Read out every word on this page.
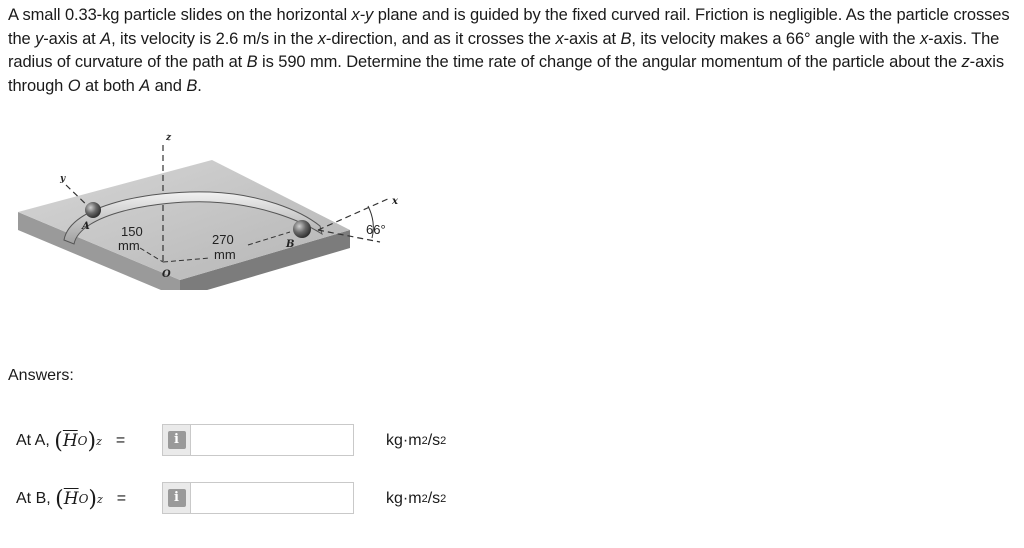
A small 0.33-kg particle slides on the horizontal x-y plane and is guided by the fixed curved rail. Friction is negligible. As the particle crosses the y-axis at A, its velocity is 2.6 m/s in the x-direction, and as it crosses the x-axis at B, its velocity makes a 66° angle with the x-axis. The radius of curvature of the path at B is 590 mm. Determine the time rate of change of the angular momentum of the particle about the z-axis through O at both A and B.
z
y
x
A
B
O
150
mm	270
mm
66°
Answers:
At A,
( $\overline{H}$ O ) z =	i	kg·m 2 /s 2
At B,
( $\overline{H}$ O ) z =	i	kg·m 2 /s 2
